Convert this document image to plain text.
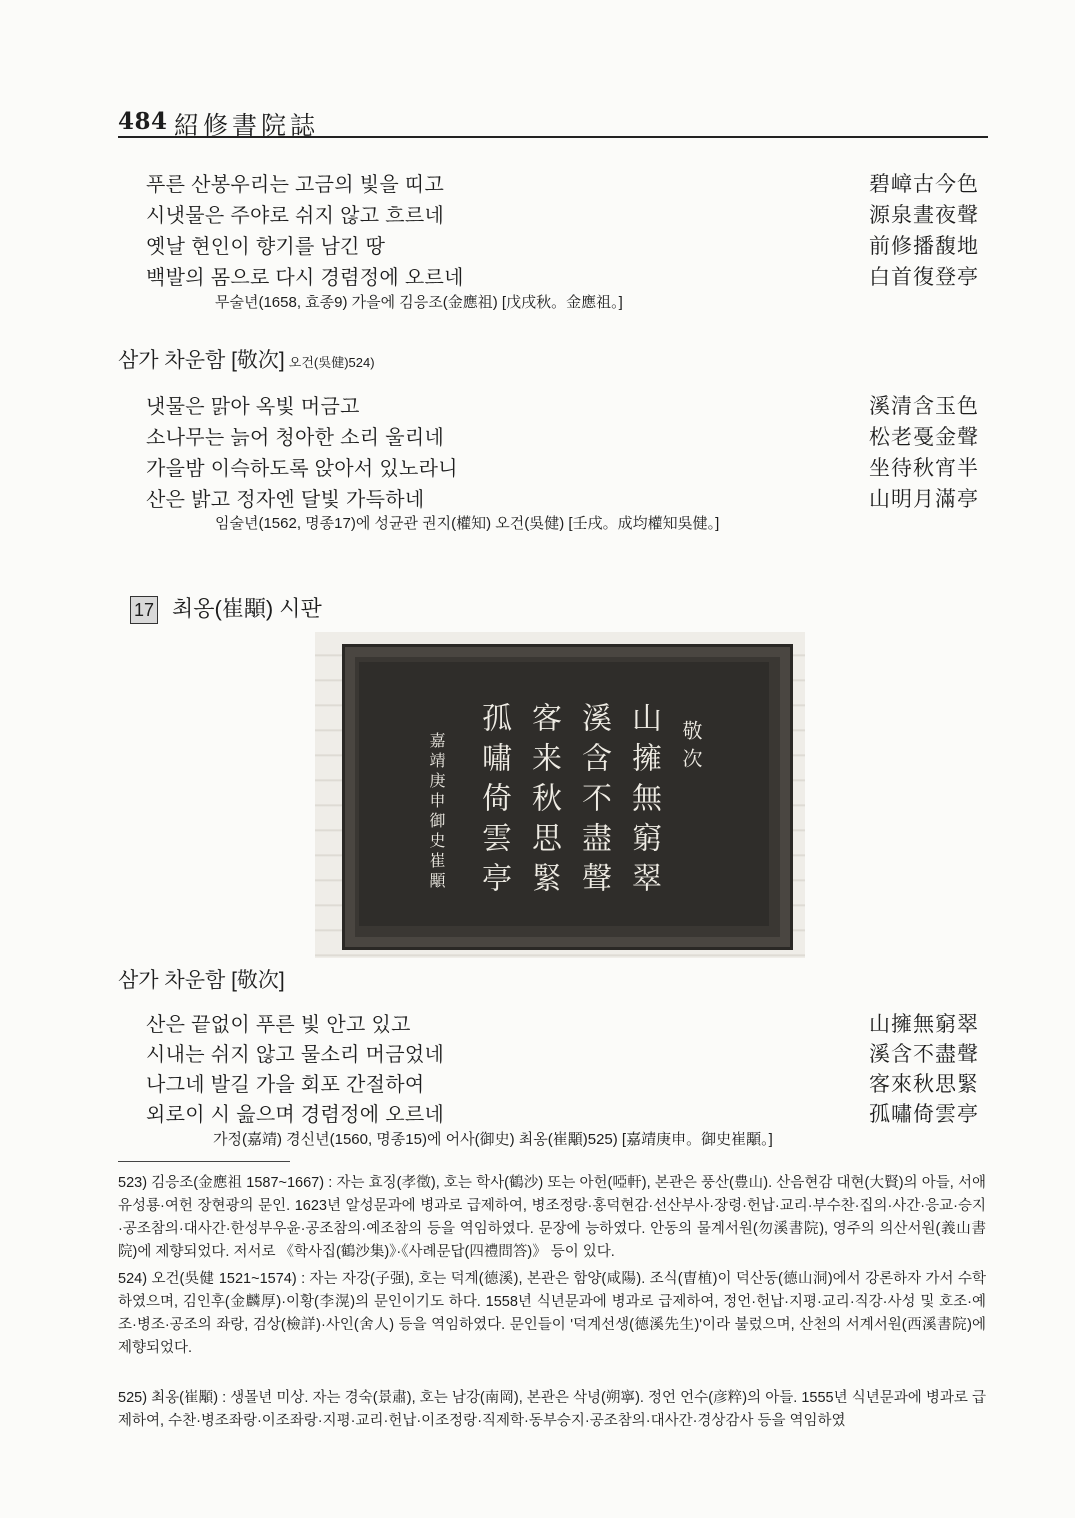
484 紹修書院誌
푸른 산봉우리는 고금의 빛을 띠고
시냇물은 주야로 쉬지 않고 흐르네
옛날 현인이 향기를 남긴 땅
백발의 몸으로 다시 경렴정에 오르네
碧嶂古今色
源泉晝夜聲
前修播馥地
白首復登亭
무술년(1658, 효종9) 가을에 김응조(金應祖) [戊戌秋。金應祖。]
삼가 차운함 [敬次] 오건(吳健)524)
냇물은 맑아 옥빛 머금고
소나무는 늙어 청아한 소리 울리네
가을밤 이슥하도록 앉아서 있노라니
산은 밝고 정자엔 달빛 가득하네
溪清含玉色
松老戞金聲
坐待秋宵半
山明月滿亭
임술년(1562, 명종17)에 성균관 권지(權知) 오건(吳健) [壬戌。成均權知吳健。]
17 최옹(崔顒) 시판
敬次
山擁無窮翠
溪含不盡聲
客来秋思緊
孤嘯倚雲亭
嘉靖庚申御史崔顒
삼가 차운함 [敬次]
산은 끝없이 푸른 빛 안고 있고
시내는 쉬지 않고 물소리 머금었네
나그네 발길 가을 회포 간절하여
외로이 시 읊으며 경렴정에 오르네
山擁無窮翠
溪含不盡聲
客來秋思緊
孤嘯倚雲亭
가정(嘉靖) 경신년(1560, 명종15)에 어사(御史) 최옹(崔顒)525) [嘉靖庚申。御史崔顒。]
523) 김응조(金應祖 1587~1667) : 자는 효징(孝徵), 호는 학사(鶴沙) 또는 아헌(啞軒), 본관은 풍산(豊山). 산음현감 대현(大賢)의 아들, 서애 유성룡·여헌 장현광의 문인. 1623년 알성문과에 병과로 급제하여, 병조정랑·홍덕현감·선산부사·장령·헌납·교리·부수찬·집의·사간·응교·승지·공조참의·대사간·한성부우윤·공조참의·예조참의 등을 역임하였다. 문장에 능하였다. 안동의 물계서원(勿溪書院), 영주의 의산서원(義山書院)에 제향되었다. 저서로 《학사집(鶴沙集)》·《사례문답(四禮問答)》 등이 있다.
524) 오건(吳健 1521~1574) : 자는 자강(子强), 호는 덕계(德溪), 본관은 함양(咸陽). 조식(曺植)이 덕산동(德山洞)에서 강론하자 가서 수학하였으며, 김인후(金麟厚)·이황(李滉)의 문인이기도 하다. 1558년 식년문과에 병과로 급제하여, 정언·헌납·지평·교리·직강·사성 및 호조·예조·병조·공조의 좌랑, 검상(檢詳)·사인(舍人) 등을 역임하였다. 문인들이 '덕계선생(德溪先生)'이라 불렀으며, 산천의 서계서원(西溪書院)에 제향되었다.
525) 최옹(崔顒) : 생몰년 미상. 자는 경숙(景肅), 호는 남강(南岡), 본관은 삭녕(朔寧). 정언 언수(彦粹)의 아들. 1555년 식년문과에 병과로 급제하여, 수찬·병조좌랑·이조좌랑·지평·교리·헌납·이조정랑·직제학·동부승지·공조참의·대사간·경상감사 등을 역임하였
